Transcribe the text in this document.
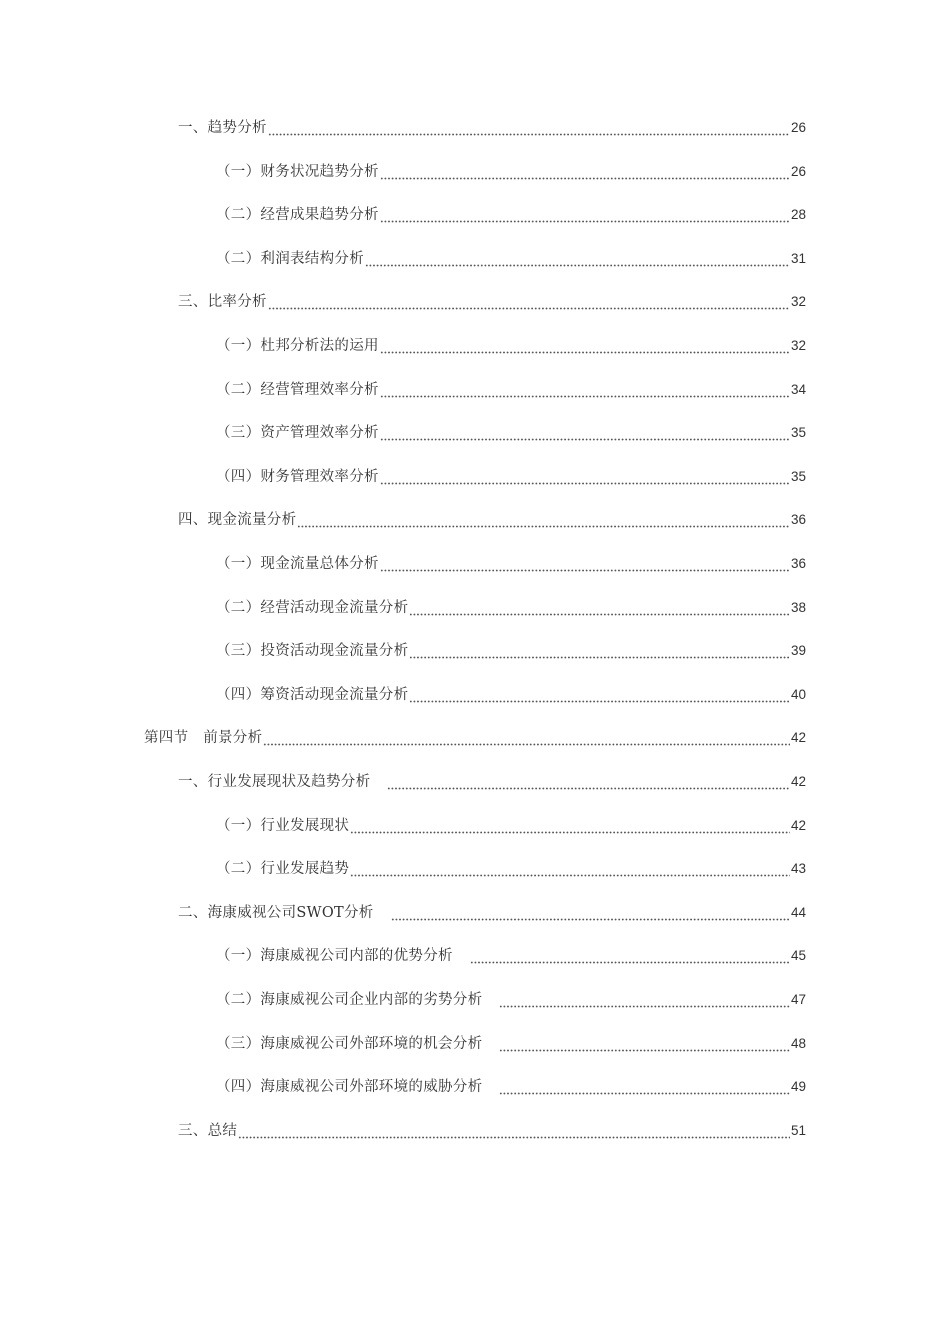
一、趋势分析	26
（一）财务状况趋势分析	26
（二）经营成果趋势分析	28
（二）利润表结构分析	31
三、比率分析	32
（一）杜邦分析法的运用	32
（二）经营管理效率分析	34
（三）资产管理效率分析	35
（四）财务管理效率分析	35
四、现金流量分析	36
（一）现金流量总体分析	36
（二）经营活动现金流量分析	38
（三）投资活动现金流量分析	39
（四）筹资活动现金流量分析	40
第四节　前景分析	42
一、行业发展现状及趋势分析	42
（一）行业发展现状	42
（二）行业发展趋势	43
二、海康威视公司SWOT分析	44
（一）海康威视公司内部的优势分析	45
（二）海康威视公司企业内部的劣势分析	47
（三）海康威视公司外部环境的机会分析	48
（四）海康威视公司外部环境的威胁分析	49
三、总结	51
